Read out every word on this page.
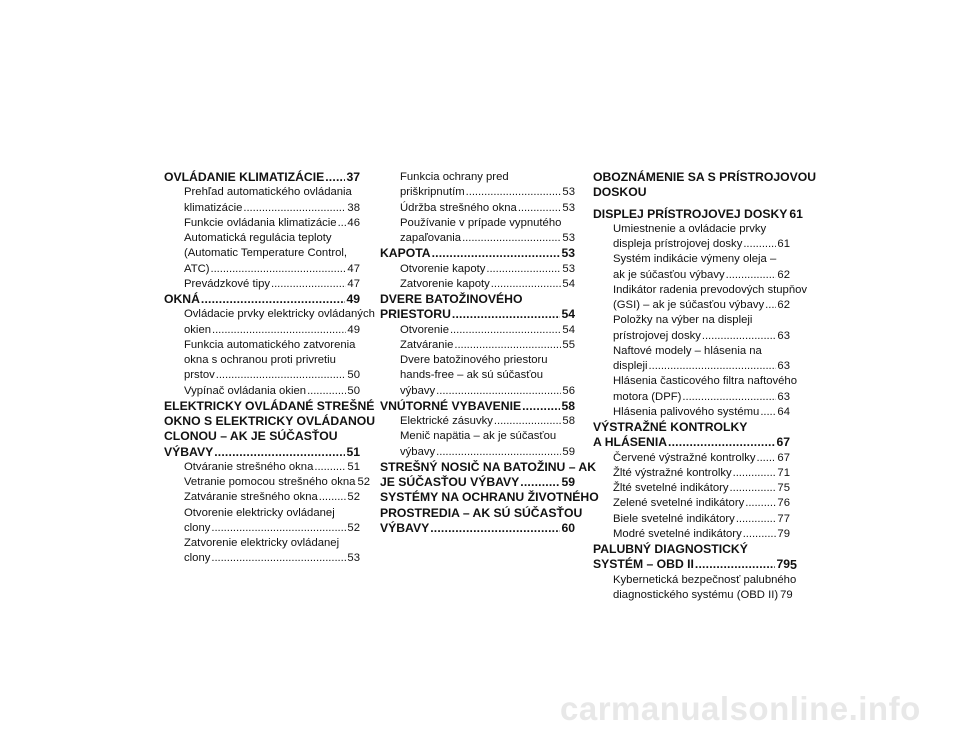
OVLÁDANIE KLIMATIZÁCIE . . . 37
Prehľad automatického ovládania
klimatizácie . . .	38
Funkcie ovládania klimatizácie . . . 46
Automatická regulácia teploty
(Automatic Temperature Control,
ATC) . . .	47
Prevádzkové tipy . . .	47
OKNÁ . . .	49
Ovládacie prvky elektricky ovládaných
okien . . .	49
Funkcia automatického zatvorenia
okna s ochranou proti privretiu
prstov . . .	50
Vypínač ovládania okien . . .	50
ELEKTRICKY OVLÁDANÉ STREŠNÉ
OKNO S ELEKTRICKY OVLÁDANOU
CLONOU – AK JE SÚČASŤOU
VÝBAVY . . .	51
Otváranie strešného okna . . .	51
Vetranie pomocou strešného okna 52
Zatváranie strešného okna . . .	52
Otvorenie elektricky ovládanej
clony . . .	52
Zatvorenie elektricky ovládanej
clony . . .	53
Funkcia ochrany pred
priškripnutím . . .	53
Údržba strešného okna . . .	53
Používanie v prípade vypnutého
zapaľovania . . .	53
KAPOTA . . .	53
Otvorenie kapoty . . .	53
Zatvorenie kapoty . . .	54
DVERE BATOŽINOVÉHO
PRIESTORU . . .	54
Otvorenie . . .	54
Zatváranie . . .	55
Dvere batožinového priestoru
hands-free – ak sú súčasťou
výbavy . . .	56
VNÚTORNÉ VYBAVENIE . . .	58
Elektrické zásuvky . . .	58
Menič napätia – ak je súčasťou
výbavy . . .	59
STREŠNÝ NOSIČ NA BATOŽINU – AK
JE SÚČASŤOU VÝBAVY . . .	59
SYSTÉMY NA OCHRANU ŽIVOTNÉHO
PROSTREDIA – AK SÚ SÚČASŤOU
VÝBAVY . . .	60
OBOZNÁMENIE SA S PRÍSTROJOVOU
DOSKOU
DISPLEJ PRÍSTROJOVEJ DOSKY 61
Umiestnenie a ovládacie prvky
displeja prístrojovej dosky . . .	61
Systém indikácie výmeny oleja –
ak je súčasťou výbavy . . .	62
Indikátor radenia prevodových stupňov
(GSI) – ak je súčasťou výbavy . . . 62
Položky na výber na displeji
prístrojovej dosky . . .	63
Naftové modely – hlásenia na
displeji . . .	63
Hlásenia časticového filtra naftového
motora (DPF) . . .	63
Hlásenia palivového systému . . . 64
VÝSTRAŽNÉ KONTROLKY
A HLÁSENIA . . .	67
Červené výstražné kontrolky . . . 67
Žlté výstražné kontrolky . . .	71
Žlté svetelné indikátory . . .	75
Zelené svetelné indikátory . . .	76
Biele svetelné indikátory . . .	77
Modré svetelné indikátory . . .	79
PALUBNÝ DIAGNOSTICKÝ
SYSTÉM – OBD II . . .	79
Kybernetická bezpečnosť palubného
diagnostického systému (OBD II) 79
5
carmanualsonline.info
